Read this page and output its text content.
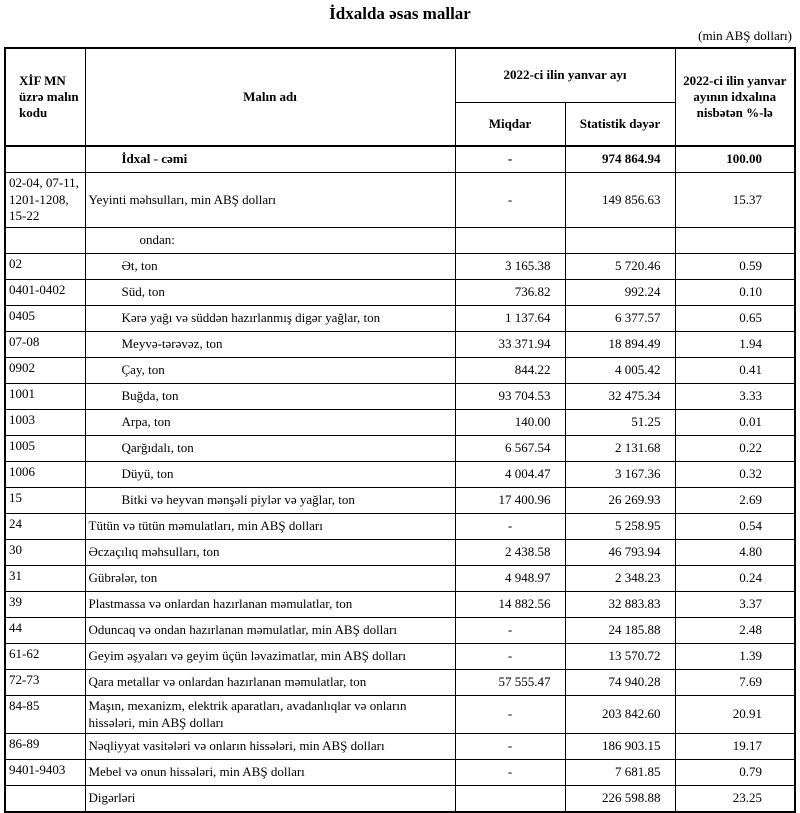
İdxalda əsas mallar
(min ABŞ dolları)
XİF MN üzrə malın kodu	Malın adı	2022-ci ilin yanvar ayı		2022-ci ilin yanvar ayının idxalına nisbətən %-lə
		Miqdar	Statistik dəyər	
	İdxal - cəmi	-	974 864.94	100.00
02-04, 07-11, 1201-1208, 15-22	Yeyinti məhsulları, min ABŞ dolları	-	149 856.63	15.37
	ondan:			
02	Ət, ton	3 165.38	5 720.46	0.59
0401-0402	Süd, ton	736.82	992.24	0.10
0405	Kərə yağı və süddən hazırlanmış digər yağlar, ton	1 137.64	6 377.57	0.65
07-08	Meyvə-tərəvəz, ton	33 371.94	18 894.49	1.94
0902	Çay, ton	844.22	4 005.42	0.41
1001	Buğda, ton	93 704.53	32 475.34	3.33
1003	Arpa, ton	140.00	51.25	0.01
1005	Qarğıdalı, ton	6 567.54	2 131.68	0.22
1006	Düyü, ton	4 004.47	3 167.36	0.32
15	Bitki və heyvan mənşəli piylər və yağlar, ton	17 400.96	26 269.93	2.69
24	Tütün və tütün məmulatları, min ABŞ dolları	-	5 258.95	0.54
30	Əczaçılıq məhsulları, ton	2 438.58	46 793.94	4.80
31	Gübrələr, ton	4 948.97	2 348.23	0.24
39	Plastmassa və onlardan hazırlanan məmulatlar, ton	14 882.56	32 883.83	3.37
44	Oduncaq və ondan hazırlanan məmulatlar, min ABŞ dolları	-	24 185.88	2.48
61-62	Geyim əşyaları və geyim üçün ləvazimatlar, min ABŞ dolları	-	13 570.72	1.39
72-73	Qara metallar və onlardan hazırlanan məmulatlar, ton	57 555.47	74 940.28	7.69
84-85	Maşın, mexanizm, elektrik aparatları, avadanlıqlar və onların hissələri, min ABŞ dolları	-	203 842.60	20.91
86-89	Nəqliyyat vasitələri və onların hissələri, min ABŞ dolları	-	186 903.15	19.17
9401-9403	Mebel və onun hissələri, min ABŞ dolları	-	7 681.85	0.79
	Digərləri		226 598.88	23.25
